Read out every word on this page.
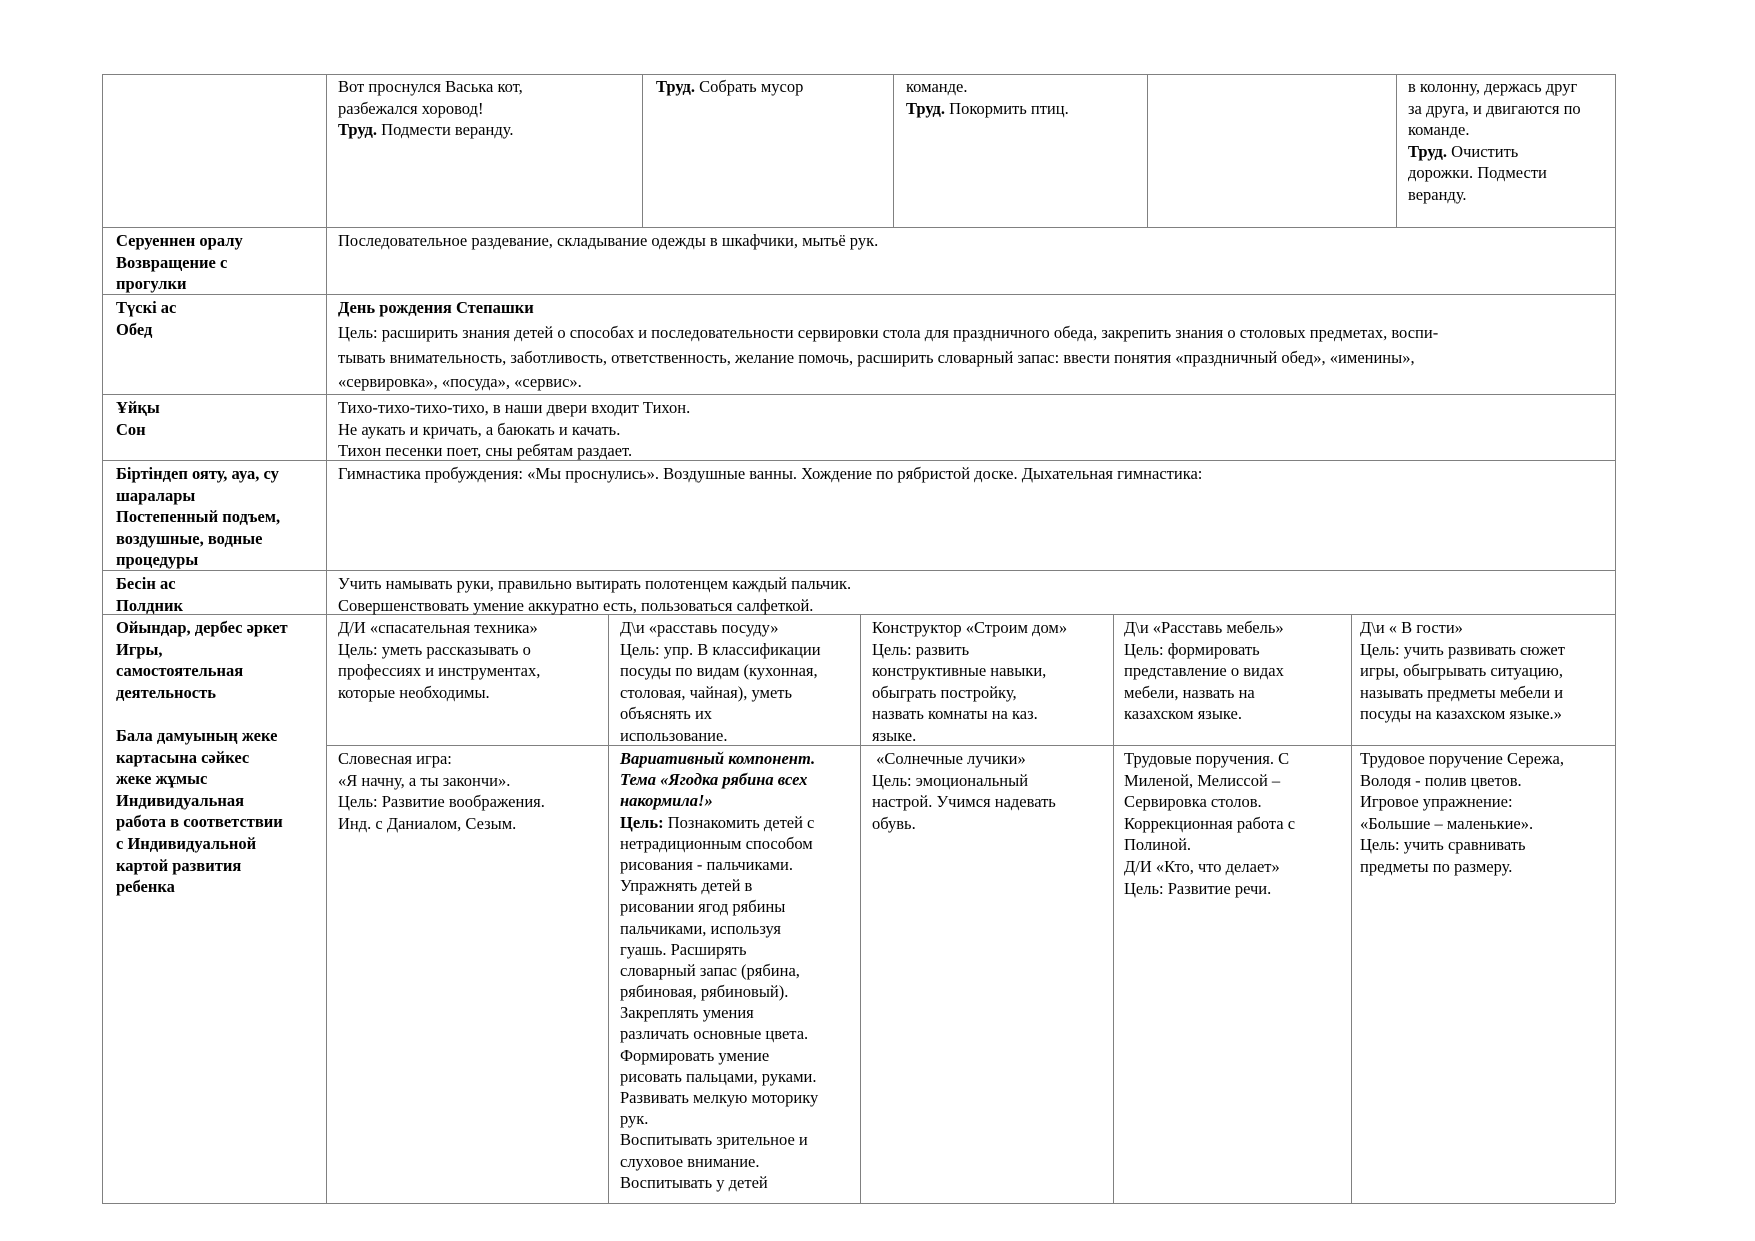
Вот проснулся Васька кот,
разбежался хоровод!
Труд. Подмести веранду.
Труд. Собрать мусор	команде.
Труд. Покормить птиц.
в колонну, держась друг
за друга, и двигаются по
команде.
Труд. Очистить
дорожки. Подмести
веранду.
Серуеннен оралу
Возвращение с
прогулки
Последовательное раздевание, складывание одежды в шкафчики, мытьё рук.
Түскі ас
Обед
День рождения Степашки
Цель: расширить знания детей о способах и последовательности сервировки стола для праздничного обеда, закрепить знания о столовых предметах, воспи-
тывать внимательность, заботливость, ответственность, желание помочь, расширить словарный запас: ввести понятия «праздничный обед», «именины»,
«сервировка», «посуда», «сервис».
Ұйқы
Сон
Тихо-тихо-тихо-тихо, в наши двери входит Тихон.
Не аукать и кричать, а баюкать и качать.
Тихон песенки поет, сны ребятам раздает.
Біртіндеп ояту, ауа, су
шаралары
Постепенный подъем,
воздушные, водные
процедуры
Гимнастика пробуждения: «Мы проснулись». Воздушные ванны. Хождение по рябристой доске. Дыхательная гимнастика:
Бесін ас
Полдник
Учить намывать руки, правильно вытирать полотенцем каждый пальчик.
Совершенствовать умение аккуратно есть, пользоваться салфеткой.
Ойындар, дербес әркет
Игры,
самостоятельная
деятельность
Бала дамуының жеке
картасына сәйкес
жеке жұмыс
Индивидуальная
работа в соответствии
с Индивидуальной
картой развития
ребенка
Д/И «спасательная техника»
Цель: уметь рассказывать о
профессиях и инструментах,
которые необходимы.
Д\и «расставь посуду»
Цель: упр. В классификации
посуды по видам (кухонная,
столовая, чайная), уметь
объяснять их
использование.
Конструктор «Строим дом»
Цель: развить
конструктивные навыки,
обыграть постройку,
назвать комнаты на каз.
языке.
Д\и «Расставь мебель»
Цель: формировать
представление о видах
мебели, назвать на
казахском языке.
Д\и « В гости»
Цель: учить развивать сюжет
игры, обыгрывать ситуацию,
называть предметы мебели и
посуды на казахском языке.»
Словесная игра:
«Я начну, а ты закончи».
Цель: Развитие воображения.
Инд. с Даниалом, Сезым.
Вариативный компонент.
Тема «Ягодка рябина всех
накормила!»
Цель: Познакомить детей с
нетрадиционным способом
рисования - пальчиками.
Упражнять детей в
рисовании ягод рябины
пальчиками, используя
гуашь. Расширять
словарный запас (рябина,
рябиновая, рябиновый).
Закреплять умения
различать основные цвета.
Формировать умение
рисовать пальцами, руками.
Развивать мелкую моторику
рук.
Воспитывать зрительное и
слуховое внимание.
Воспитывать у детей
«Солнечные лучики»
Цель: эмоциональный
настрой. Учимся надевать
обувь.
Трудовые поручения. С
Миленой, Мелиссой –
Сервировка столов.
Коррекционная работа с
Полиной.
Д/И «Кто, что делает»
Цель: Развитие речи.
Трудовое поручение Сережа,
Володя - полив цветов.
Игровое упражнение:
«Большие – маленькие».
Цель: учить сравнивать
предметы по размеру.
